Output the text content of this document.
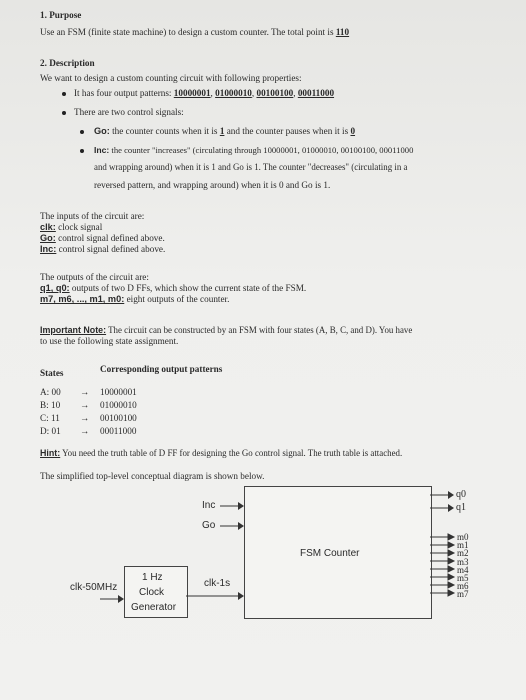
1. Purpose
Use an FSM (finite state machine) to design a custom counter. The total point is 110
2. Description
We want to design a custom counting circuit with following properties:
It has four output patterns: 10000001, 01000010, 00100100, 00011000
There are two control signals:
Go: the counter counts when it is 1 and the counter pauses when it is 0
Inc: the counter "increases" (circulating through 10000001, 01000010, 00100100, 00011000
and wrapping around) when it is 1 and Go is 1. The counter "decreases" (circulating in a
reversed pattern, and wrapping around) when it is 0 and Go is 1.
The inputs of the circuit are:
clk: clock signal
Go: control signal defined above.
Inc: control signal defined above.
The outputs of the circuit are:
q1, q0: outputs of two D FFs, which show the current state of the FSM.
m7, m6, ..., m1, m0: eight outputs of the counter.
Important Note: The circuit can be constructed by an FSM with four states (A, B, C, and D). You have
to use the following state assignment.
States	Corresponding output patterns
A: 00 → 10000001
B: 10 → 01000010
C: 11 → 00100100
D: 01 → 00011000
Hint: You need the truth table of D FF for designing the Go control signal. The truth table is attached.
The simplified top-level conceptual diagram is shown below.
FSM Counter
Inc
Go
1 Hz
Clock
Generator
clk-50MHz	clk-1s
q0
q1
m0
m1
m2
m3
m4
m5
m6
m7
